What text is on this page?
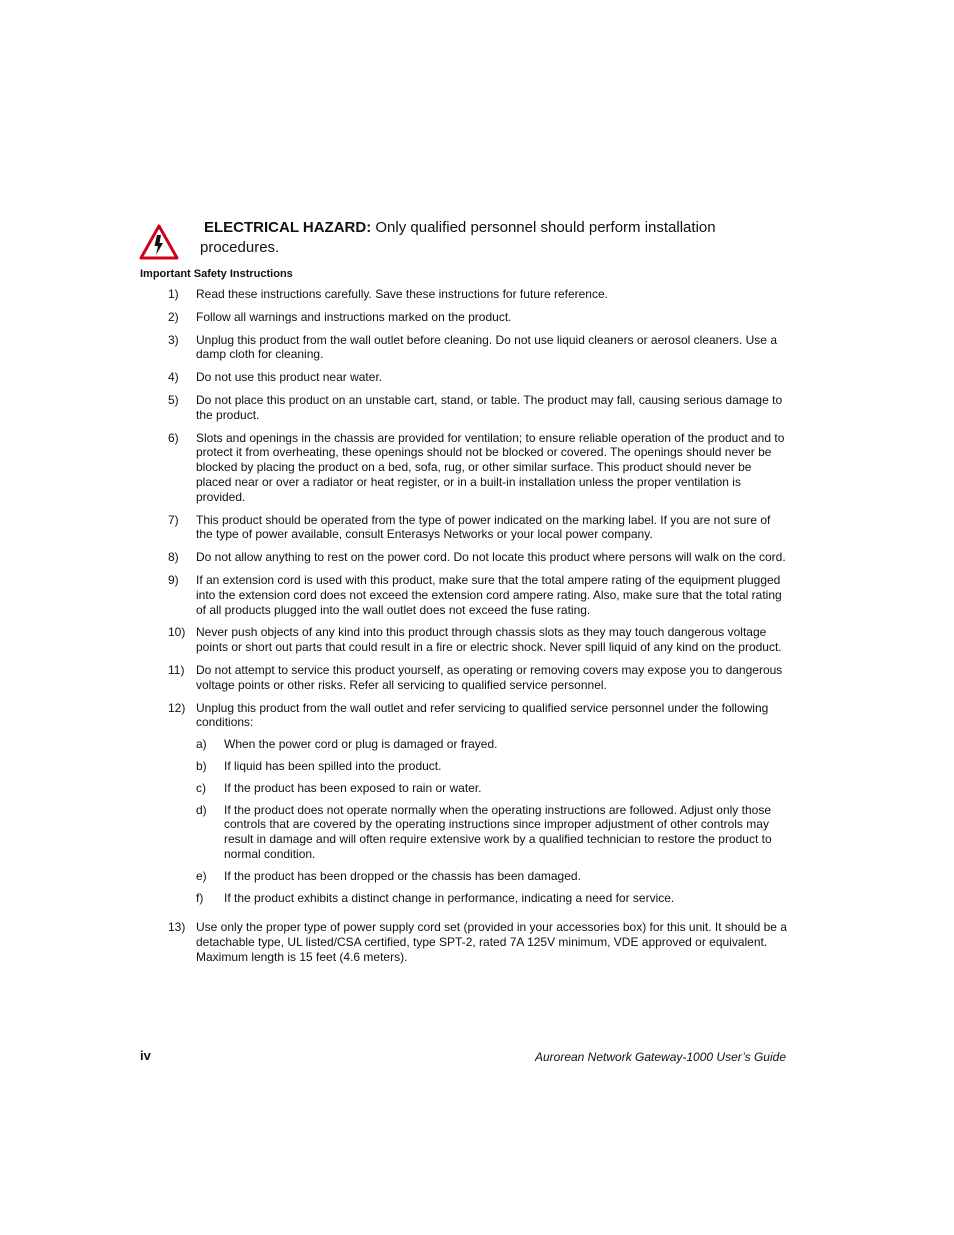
ELECTRICAL HAZARD: Only qualified personnel should perform installation procedures.
Important Safety Instructions
1)	Read these instructions carefully. Save these instructions for future reference.
2)	Follow all warnings and instructions marked on the product.
3)	Unplug this product from the wall outlet before cleaning. Do not use liquid cleaners or aerosol cleaners. Use a damp cloth for cleaning.
4)	Do not use this product near water.
5)	Do not place this product on an unstable cart, stand, or table. The product may fall, causing serious damage to the product.
6)	Slots and openings in the chassis are provided for ventilation; to ensure reliable operation of the product and to protect it from overheating, these openings should not be blocked or covered. The openings should never be blocked by placing the product on a bed, sofa, rug, or other similar surface. This product should never be placed near or over a radiator or heat register, or in a built-in installation unless the proper ventilation is provided.
7)	This product should be operated from the type of power indicated on the marking label. If you are not sure of the type of power available, consult Enterasys Networks or your local power company.
8)	Do not allow anything to rest on the power cord. Do not locate this product where persons will walk on the cord.
9)	If an extension cord is used with this product, make sure that the total ampere rating of the equipment plugged into the extension cord does not exceed the extension cord ampere rating. Also, make sure that the total rating of all products plugged into the wall outlet does not exceed the fuse rating.
10) Never push objects of any kind into this product through chassis slots as they may touch dangerous voltage points or short out parts that could result in a fire or electric shock. Never spill liquid of any kind on the product.
11) Do not attempt to service this product yourself, as operating or removing covers may expose you to dangerous voltage points or other risks. Refer all servicing to qualified service personnel.
12) Unplug this product from the wall outlet and refer servicing to qualified service personnel under the following conditions:
a)	When the power cord or plug is damaged or frayed.
b)	If liquid has been spilled into the product.
c)	If the product has been exposed to rain or water.
d)	If the product does not operate normally when the operating instructions are followed. Adjust only those controls that are covered by the operating instructions since improper adjustment of other controls may result in damage and will often require extensive work by a qualified technician to restore the product to normal condition.
e)	If the product has been dropped or the chassis has been damaged.
f)	If the product exhibits a distinct change in performance, indicating a need for service.
13) Use only the proper type of power supply cord set (provided in your accessories box) for this unit. It should be a detachable type, UL listed/CSA certified, type SPT-2, rated 7A 125V minimum, VDE approved or equivalent. Maximum length is 15 feet (4.6 meters).
iv	Aurorean Network Gateway-1000 User’s Guide
